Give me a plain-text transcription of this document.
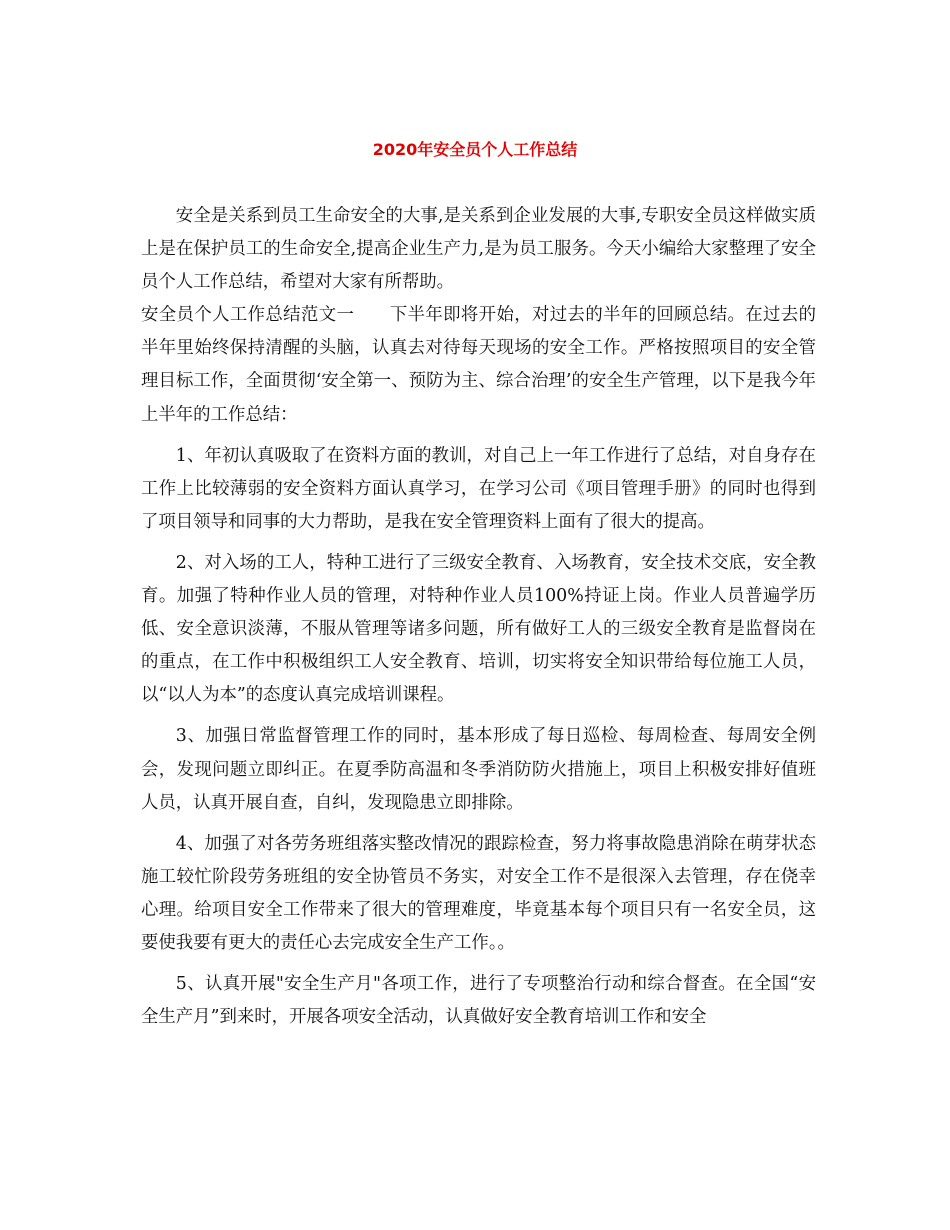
2020年安全员个人工作总结

安全是关系到员工生命安全的大事,是关系到企业发展的大事,专职安全员这样做实质上是在保护员工的生命安全,提高企业生产力,是为员工服务。今天小编给大家整理了安全员个人工作总结，希望对大家有所帮助。

安全员个人工作总结范文一　　下半年即将开始，对过去的半年的回顾总结。在过去的半年里始终保持清醒的头脑，认真去对待每天现场的安全工作。严格按照项目的安全管理目标工作，全面贯彻‘安全第一、预防为主、综合治理’的安全生产管理，以下是我今年上半年的工作总结：

1、年初认真吸取了在资料方面的教训，对自己上一年工作进行了总结，对自身存在工作上比较薄弱的安全资料方面认真学习，在学习公司《项目管理手册》的同时也得到了项目领导和同事的大力帮助，是我在安全管理资料上面有了很大的提高。

2、对入场的工人，特种工进行了三级安全教育、入场教育，安全技术交底，安全教育。加强了特种作业人员的管理，对特种作业人员100%持证上岗。作业人员普遍学历低、安全意识淡薄，不服从管理等诸多问题，所有做好工人的三级安全教育是监督岗在的重点，在工作中积极组织工人安全教育、培训，切实将安全知识带给每位施工人员，以“以人为本”的态度认真完成培训课程。

3、加强日常监督管理工作的同时，基本形成了每日巡检、每周检查、每周安全例会，发现问题立即纠正。在夏季防高温和冬季消防防火措施上，项目上积极安排好值班人员，认真开展自查，自纠，发现隐患立即排除。

4、加强了对各劳务班组落实整改情况的跟踪检查，努力将事故隐患消除在萌芽状态施工较忙阶段劳务班组的安全协管员不务实，对安全工作不是很深入去管理，存在侥幸心理。给项目安全工作带来了很大的管理难度，毕竟基本每个项目只有一名安全员，这要使我要有更大的责任心去完成安全生产工作。。

5、认真开展"安全生产月"各项工作，进行了专项整治行动和综合督查。在全国“安全生产月”到来时，开展各项安全活动，认真做好安全教育培训工作和安全
